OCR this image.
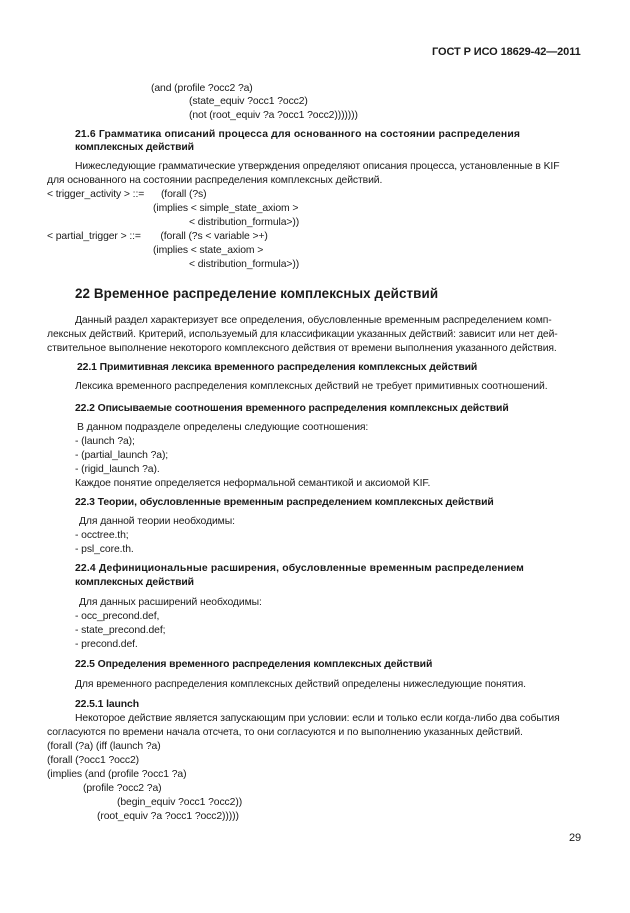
ГОСТ Р ИСО 18629-42—2011
(and (profile ?occ2 ?a)
(state_equiv ?occ1 ?occ2)
(not (root_equiv ?a ?occ1 ?occ2)))))))
21.6 Грамматика описаний процесса для основанного на состоянии распределения
комплексных действий
Нижеследующие грамматические утверждения определяют описания процесса, установленные в KIF
для основанного на состоянии распределения комплексных действий.
< trigger_activity > ::=      (forall (?s)
(implies < simple_state_axiom >
< distribution_formula>))
< partial_trigger > ::=       (forall (?s < variable >+)
(implies < state_axiom >
< distribution_formula>))
22 Временное распределение комплексных действий
Данный раздел характеризует все определения, обусловленные временным распределением комп-
лексных действий. Критерий, используемый для классификации указанных действий: зависит или нет дей-
ствительное выполнение некоторого комплексного действия от времени выполнения указанного действия.
22.1 Примитивная лексика временного распределения комплексных действий
Лексика временного распределения комплексных действий не требует примитивных соотношений.
22.2 Описываемые соотношения временного распределения комплексных действий
В данном подразделе определены следующие соотношения:
- (launch ?a);
- (partial_launch ?a);
- (rigid_launch ?a).
Каждое понятие определяется неформальной семантикой и аксиомой KIF.
22.3 Теории, обусловленные временным распределением комплексных действий
Для данной теории необходимы:
- occtree.th;
- psl_core.th.
22.4 Дефинициональные расширения, обусловленные временным распределением
комплексных действий
Для данных расширений необходимы:
- occ_precond.def,
- state_precond.def;
- precond.def.
22.5 Определения временного распределения комплексных действий
Для временного распределения комплексных действий определены нижеследующие понятия.
22.5.1 launch
Некоторое действие является запускающим при условии: если и только если когда-либо два события
согласуются по времени начала отсчета, то они согласуются и по выполнению указанных действий.
(forall (?a) (iff (launch ?a)
(forall (?occ1 ?occ2)
(implies (and (profile ?occ1 ?a)
(profile ?occ2 ?a)
(begin_equiv ?occ1 ?occ2))
(root_equiv ?a ?occ1 ?occ2)))))
29
